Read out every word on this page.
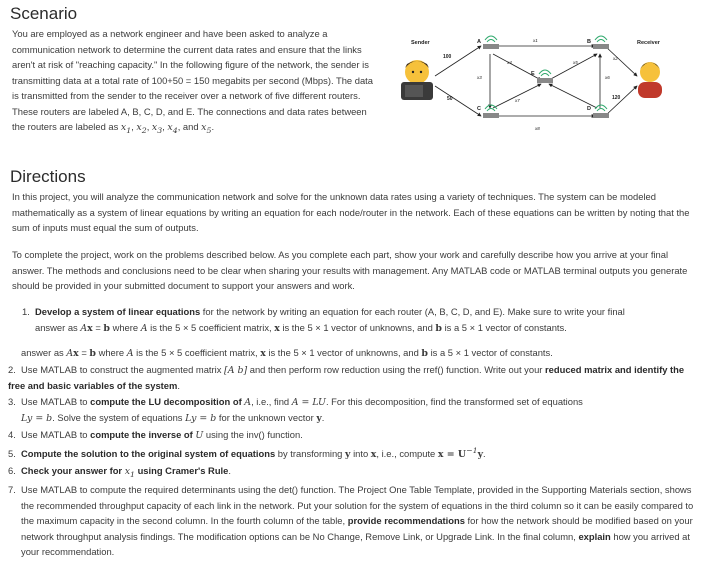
Scenario

You are employed as a network engineer and have been asked to analyze a communication network to determine the current data rates and ensure that the links aren't at risk of "reaching capacity." In the following figure of the network, the sender is transmitting data at a total rate of 100+50 = 150 megabits per second (Mbps). The data is transmitted from the sender to the receiver over a network of five different routers. These routers are labeled A, B, C, D, and E. The connections and data rates between the routers are labeled as $x_1$, $x_2$, $x_3$, $x_4$, and $x_5$.

Sender	Receiver
A	B
C	D
E
100
50	120
x1
x2
x3
x4	x5
x6
x7
x8
Directions

In this project, you will analyze the communication network and solve for the unknown data rates using a variety of techniques. The system can be modeled mathematically as a system of linear equations by writing an equation for each node/router in the network. Each of these equations can be written by noting that the sum of inputs must equal the sum of outputs.

To complete the project, work on the problems described below. As you complete each part, show your work and carefully describe how you arrive at your final answer. The methods and conclusions need to be clear when sharing your results with management. Any MATLAB code or MATLAB terminal outputs you generate should be provided in your submitted document to support your answers and work.

1. Develop a system of linear equations for the network by writing an equation for each router (A, B, C, D, and E). Make sure to write your final
answer as Ax = b where A is the 5 × 5 coefficient matrix, x is the 5 × 1 vector of unknowns, and b is a 5 × 1 vector of constants.
answer as Ax = b where A is the 5 × 5 coefficient matrix, x is the 5 × 1 vector of unknowns, and b is a 5 × 1 vector of constants.
2. Use MATLAB to construct the augmented matrix [A b] and then perform row reduction using the rref() function. Write out your reduced matrix and identify the free and basic variables of the system.
3. Use MATLAB to compute the LU decomposition of A, i.e., find A = LU. For this decomposition, find the transformed set of equations
Ly = b. Solve the system of equations Ly = b for the unknown vector y.
4. Use MATLAB to compute the inverse of U using the inv() function.
5. Compute the solution to the original system of equations by transforming y into x, i.e., compute $x = U^{-1}y$.
6. Check your answer for $x_1$ using Cramer's Rule.
7. Use MATLAB to compute the required determinants using the det() function. The Project One Table Template, provided in the Supporting Materials section, shows the recommended throughput capacity of each link in the network. Put your solution for the system of equations in the third column so it can be easily compared to the maximum capacity in the second column. In the fourth column of the table, provide recommendations for how the network should be modified based on your network throughput analysis findings. The modification options can be No Change, Remove Link, or Upgrade Link. In the final column, explain how you arrived at your recommendation.
